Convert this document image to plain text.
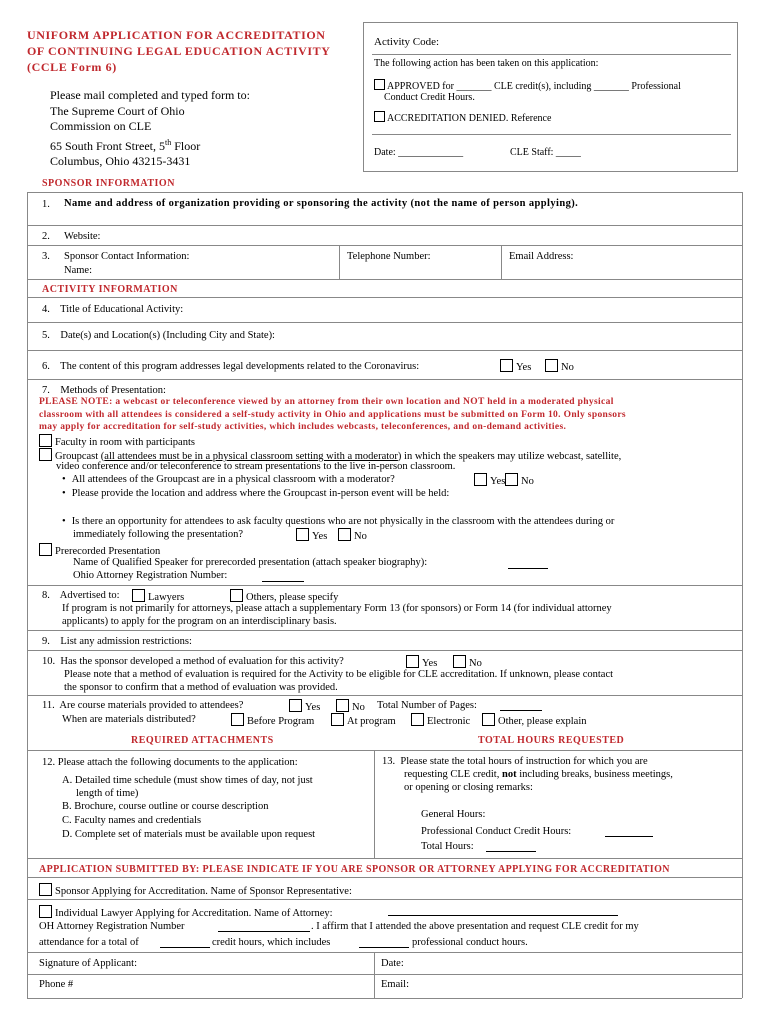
UNIFORM APPLICATION FOR ACCREDITATION
OF CONTINUING LEGAL EDUCATION ACTIVITY
(CCLE Form 6)
Please mail completed and typed form to:
The Supreme Court of Ohio
Commission on CLE
65 South Front Street, 5th Floor
Columbus, Ohio 43215-3431
Activity Code:
The following action has been taken on this application:
APPROVED for _______ CLE credit(s), including _______ Professional
Conduct Credit Hours.
ACCREDITATION DENIED. Reference
Date: _____________	CLE Staff: _____
SPONSOR INFORMATION
1. Name and address of organization providing or sponsoring the activity (not the name of person applying).
2. Website:
3. Sponsor Contact Information:
Name:
Telephone Number:	Email Address:
ACTIVITY INFORMATION
4.    Title of Educational Activity:
5.    Date(s) and Location(s) (Including City and State):
6.    The content of this program addresses legal developments related to the Coronavirus:	Yes	No
7.    Methods of Presentation:
PLEASE NOTE: a webcast or teleconference viewed by an attorney from their own location and NOT held in a moderated physical
classroom with all attendees is considered a self-study activity in Ohio and applications must be submitted on Form 10. Only sponsors
may apply for accreditation for self-study activities, which includes webcasts, teleconferences, and on-demand activities.
Faculty in room with participants
Groupcast (all attendees must be in a physical classroom setting with a moderator) in which the speakers may utilize webcast, satellite,
video conference and/or teleconference to stream presentations to the live in-person classroom.
• All attendees of the Groupcast are in a physical classroom with a moderator?	Yes	No
• Please provide the location and address where the Groupcast in-person event will be held:
• Is there an opportunity for attendees to ask faculty questions who are not physically in the classroom with the attendees during or
immediately following the presentation?	Yes	No
Prerecorded Presentation
Name of Qualified Speaker for prerecorded presentation (attach speaker biography):
Ohio Attorney Registration Number:
8.    Advertised to:	Lawyers	Others, please specify
If program is not primarily for attorneys, please attach a supplementary Form 13 (for sponsors) or Form 14 (for individual attorney
applicants) to apply for the program on an interdisciplinary basis.
9.    List any admission restrictions:
10.  Has the sponsor developed a method of evaluation for this activity?	Yes	No
Please note that a method of evaluation is required for the Activity to be eligible for CLE accreditation. If unknown, please contact
the sponsor to confirm that a method of evaluation was provided.
11.  Are course materials provided to attendees?	Yes	No Total Number of Pages:
When are materials distributed?	Before Program	At program	Electronic	Other, please explain
REQUIRED ATTACHMENTS	TOTAL HOURS REQUESTED
12. Please attach the following documents to the application:
A. Detailed time schedule (must show times of day, not just
length of time)
B. Brochure, course outline or course description
C. Faculty names and credentials
D. Complete set of materials must be available upon request
13.  Please state the total hours of instruction for which you are
requesting CLE credit, not including breaks, business meetings,
or opening or closing remarks:
General Hours:
Professional Conduct Credit Hours:
Total Hours:
APPLICATION SUBMITTED BY: PLEASE INDICATE IF YOU ARE SPONSOR OR ATTORNEY APPLYING FOR ACCREDITATION
Sponsor Applying for Accreditation. Name of Sponsor Representative:
Individual Lawyer Applying for Accreditation. Name of Attorney:
OH Attorney Registration Number	. I affirm that I attended the above presentation and request CLE credit for my
attendance for a total of	credit hours, which includes	professional conduct hours.
Signature of Applicant:	Date:
Phone #	Email:
